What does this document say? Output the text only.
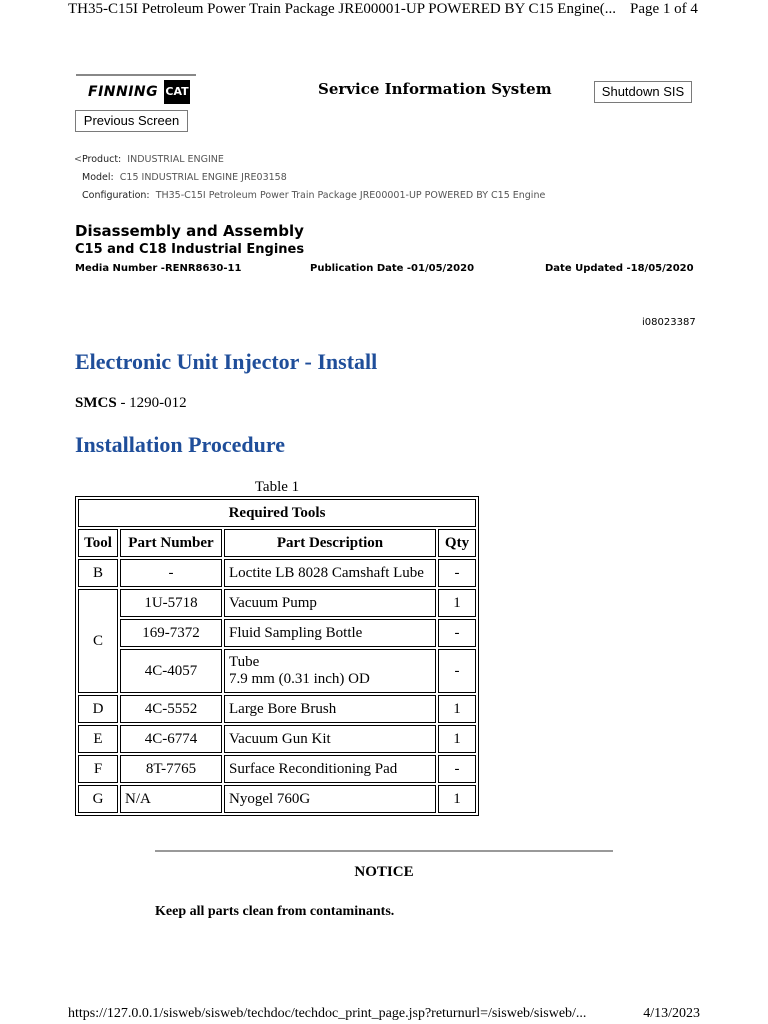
TH35-C15I Petroleum Power Train Package JRE00001-UP POWERED BY C15 Engine(... Page 1 of 4
FINNING CAT	Service Information System	Shutdown SIS
Previous Screen
<Product: INDUSTRIAL ENGINE
Model: C15 INDUSTRIAL ENGINE JRE03158
Configuration: TH35-C15I Petroleum Power Train Package JRE00001-UP POWERED BY C15 Engine
Disassembly and Assembly
C15 and C18 Industrial Engines
Media Number -RENR8630-11	Publication Date -01/05/2020	Date Updated -18/05/2020
i08023387
Electronic Unit Injector - Install
SMCS - 1290-012
Installation Procedure
Table 1
Required Tools			
Tool	Part Number	Part Description	Qty
B	-	Loctite LB 8028 Camshaft Lube	-
C	1U-5718	Vacuum Pump	1
	169-7372	Fluid Sampling Bottle	-
	4C-4057	Tube
7.9 mm (0.31 inch) OD	-
D	4C-5552	Large Bore Brush	1
E	4C-6774	Vacuum Gun Kit	1
F	8T-7765	Surface Reconditioning Pad	-
G	N/A	Nyogel 760G	1
NOTICE
Keep all parts clean from contaminants.
https://127.0.0.1/sisweb/sisweb/techdoc/techdoc_print_page.jsp?returnurl=/sisweb/sisweb/...	4/13/2023
